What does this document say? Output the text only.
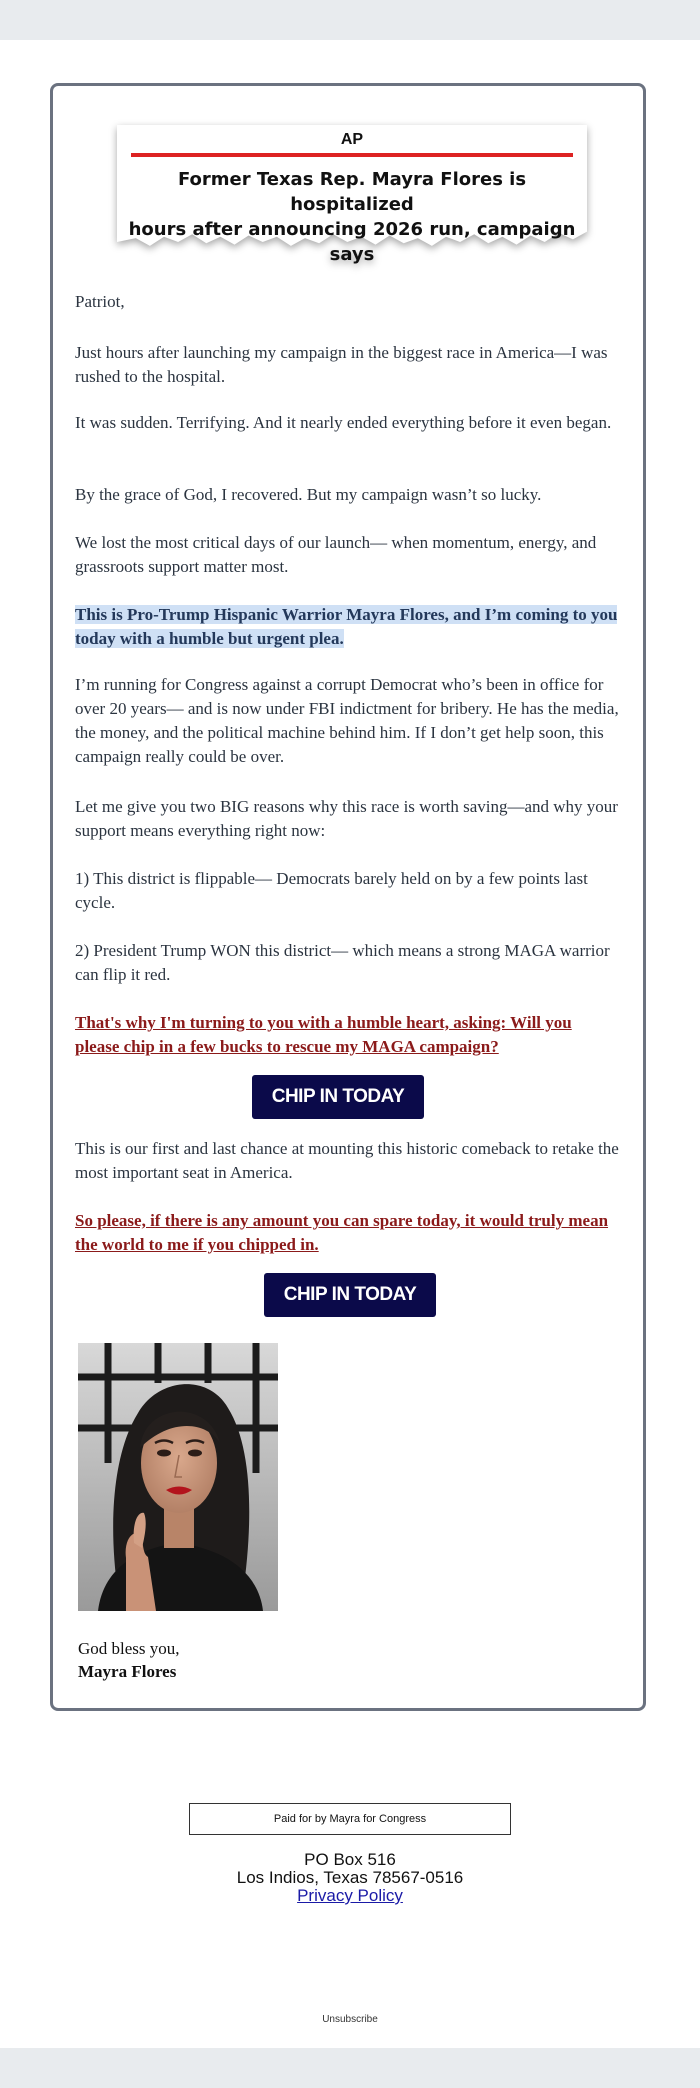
AP
Former Texas Rep. Mayra Flores is hospitalized
hours after announcing 2026 run, campaign says

Patriot,

Just hours after launching my campaign in the biggest race in America—I was rushed to the hospital.

It was sudden. Terrifying. And it nearly ended everything before it even began.

By the grace of God, I recovered. But my campaign wasn’t so lucky.

We lost the most critical days of our launch— when momentum, energy, and grassroots support matter most.

This is Pro-Trump Hispanic Warrior Mayra Flores, and I’m coming to you today with a humble but urgent plea.

I’m running for Congress against a corrupt Democrat who’s been in office for over 20 years— and is now under FBI indictment for bribery. He has the media, the money, and the political machine behind him. If I don’t get help soon, this campaign really could be over.

Let me give you two BIG reasons why this race is worth saving—and why your support means everything right now:

1) This district is flippable— Democrats barely held on by a few points last cycle.

2) President Trump WON this district— which means a strong MAGA warrior can flip it red.

That's why I'm turning to you with a humble heart, asking: Will you please chip in a few bucks to rescue my MAGA campaign?

CHIP IN TODAY

This is our first and last chance at mounting this historic comeback to retake the most important seat in America.

So please, if there is any amount you can spare today, it would truly mean the world to me if you chipped in.

CHIP IN TODAY
God bless you,
Mayra Flores
Paid for by Mayra for Congress
PO Box 516
Los Indios, Texas 78567-0516
Privacy Policy
Unsubscribe
